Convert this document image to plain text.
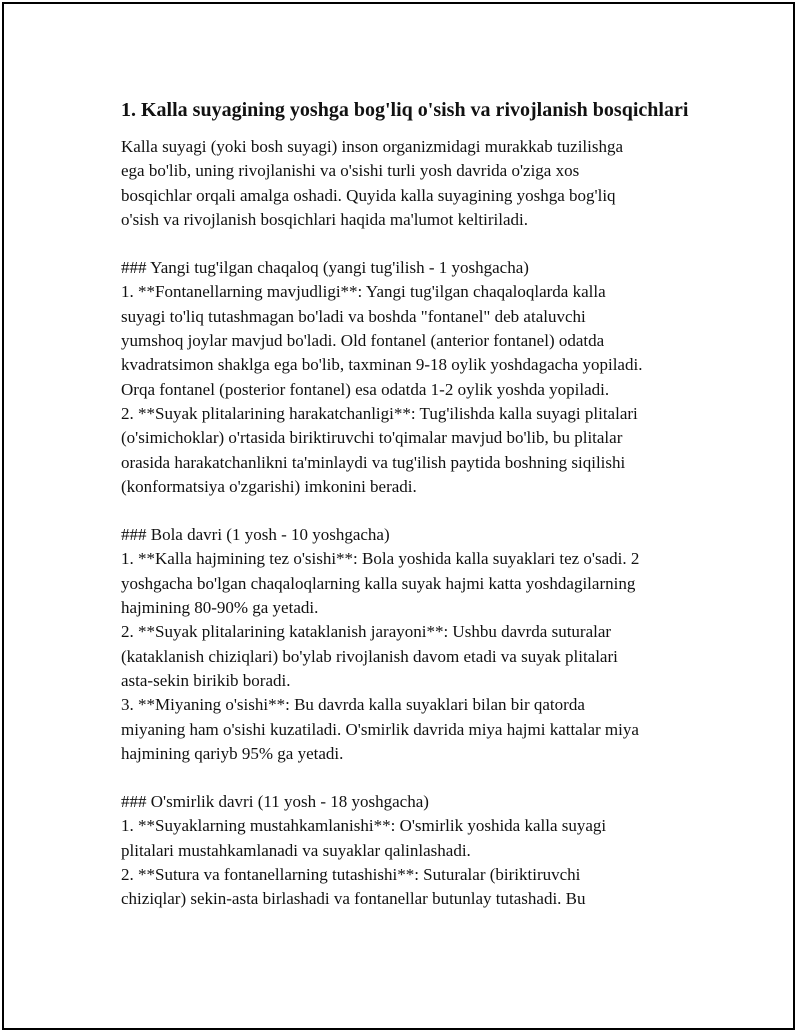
1. Kalla suyagining yoshga bog'liq o'sish va rivojlanish bosqichlari

Kalla suyagi (yoki bosh suyagi) inson organizmidagi murakkab tuzilishga
ega bo'lib, uning rivojlanishi va o'sishi turli yosh davrida o'ziga xos
bosqichlar orqali amalga oshadi. Quyida kalla suyagining yoshga bog'liq
o'sish va rivojlanish bosqichlari haqida ma'lumot keltiriladi.

### Yangi tug'ilgan chaqaloq (yangi tug'ilish - 1 yoshgacha)

1. **Fontanellarning mavjudligi**: Yangi tug'ilgan chaqaloqlarda kalla
suyagi to'liq tutashmagan bo'ladi va boshda "fontanel" deb ataluvchi
yumshoq joylar mavjud bo'ladi. Old fontanel (anterior fontanel) odatda
kvadratsimon shaklga ega bo'lib, taxminan 9-18 oylik yoshdagacha yopiladi.
Orqa fontanel (posterior fontanel) esa odatda 1-2 oylik yoshda yopiladi.
2. **Suyak plitalarining harakatchanligi**: Tug'ilishda kalla suyagi plitalari
(o'simichoklar) o'rtasida biriktiruvchi to'qimalar mavjud bo'lib, bu plitalar
orasida harakatchanlikni ta'minlaydi va tug'ilish paytida boshning siqilishi
(konformatsiya o'zgarishi) imkonini beradi.

### Bola davri (1 yosh - 10 yoshgacha)

1. **Kalla hajmining tez o'sishi**: Bola yoshida kalla suyaklari tez o'sadi. 2
yoshgacha bo'lgan chaqaloqlarning kalla suyak hajmi katta yoshdagilarning
hajmining 80-90% ga yetadi.
2. **Suyak plitalarining kataklanish jarayoni**: Ushbu davrda suturalar
(kataklanish chiziqlari) bo'ylab rivojlanish davom etadi va suyak plitalari
asta-sekin birikib boradi.
3. **Miyaning o'sishi**: Bu davrda kalla suyaklari bilan bir qatorda
miyaning ham o'sishi kuzatiladi. O'smirlik davrida miya hajmi kattalar miya
hajmining qariyb 95% ga yetadi.

### O'smirlik davri (11 yosh - 18 yoshgacha)

1. **Suyaklarning mustahkamlanishi**: O'smirlik yoshida kalla suyagi
plitalari mustahkamlanadi va suyaklar qalinlashadi.
2. **Sutura va fontanellarning tutashishi**: Suturalar (biriktiruvchi
chiziqlar) sekin-asta birlashadi va fontanellar butunlay tutashadi. Bu
